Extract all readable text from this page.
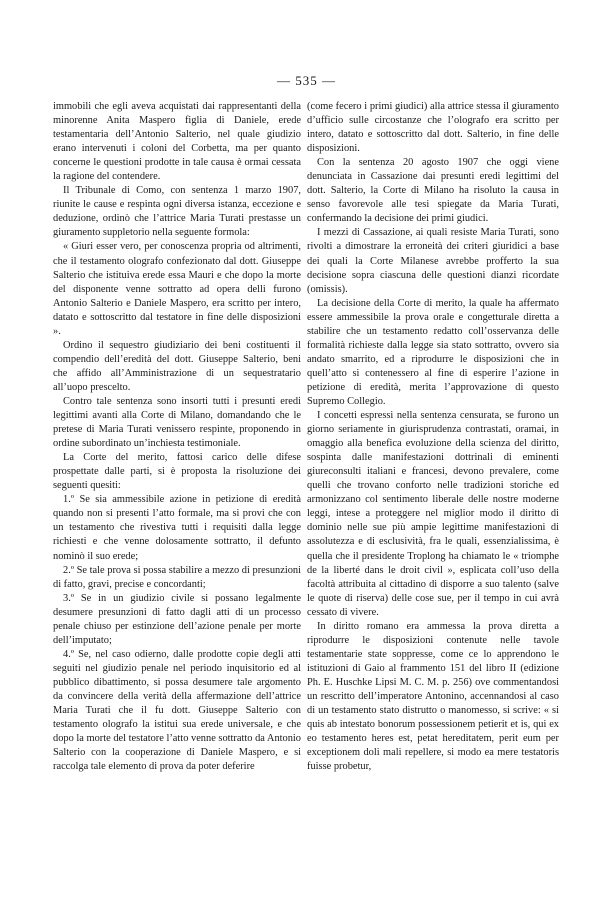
— 535 —

immobili che egli aveva acquistati dai rappresentanti della minorenne Anita Maspero figlia di Daniele, erede testamentaria dell’Antonio Salterio, nel quale giudizio erano intervenuti i coloni del Corbetta, ma per quanto concerne le questioni prodotte in tale causa è ormai cessata la ragione del contendere.

Il Tribunale di Como, con sentenza 1 marzo 1907, riunite le cause e respinta ogni diversa istanza, eccezione e deduzione, ordinò che l’attrice Maria Turati prestasse un giuramento suppletorio nella seguente formola:

« Giuri esser vero, per conoscenza propria od altrimenti, che il testamento olografo confezionato dal dott. Giuseppe Salterio che istituiva erede essa Mauri e che dopo la morte del disponente venne sottratto ad opera delli furono Antonio Salterio e Daniele Maspero, era scritto per intero, datato e sottoscritto dal testatore in fine delle disposizioni ».

Ordino il sequestro giudiziario dei beni costituenti il compendio dell’eredità del dott. Giuseppe Salterio, beni che affido all’Amministrazione di un sequestratario all’uopo prescelto.

Contro tale sentenza sono insorti tutti i presunti eredi legittimi avanti alla Corte di Milano, domandando che le pretese di Maria Turati venissero respinte, proponendo in ordine subordinato un’inchiesta testimoniale.

La Corte del merito, fattosi carico delle difese prospettate dalle parti, si è proposta la risoluzione dei seguenti quesiti:

1.º Se sia ammessibile azione in petizione di eredità quando non si presenti l’atto formale, ma si provi che con un testamento che rivestiva tutti i requisiti dalla legge richiesti e che venne dolosamente sottratto, il defunto nominò il suo erede;

2.º Se tale prova si possa stabilire a mezzo di presunzioni di fatto, gravi, precise e concordanti;

3.º Se in un giudizio civile si possano legalmente desumere presunzioni di fatto dagli atti di un processo penale chiuso per estinzione dell’azione penale per morte dell’imputato;

4.º Se, nel caso odierno, dalle prodotte copie degli atti seguiti nel giudizio penale nel periodo inquisitorio ed al pubblico dibattimento, si possa desumere tale argomento da convincere della verità della affermazione dell’attrice Maria Turati che il fu dott. Giuseppe Salterio con testamento olografo la istitui sua erede universale, e che dopo la morte del testatore l’atto venne sottratto da Antonio Salterio con la cooperazione di Daniele Maspero, e si raccolga tale elemento di prova da poter deferire

(come fecero i primi giudici) alla attrice stessa il giuramento d’ufficio sulle circostanze che l’olografo era scritto per intero, datato e sottoscritto dal dott. Salterio, in fine delle disposizioni.

Con la sentenza 20 agosto 1907 che oggi viene denunciata in Cassazione dai presunti eredi legittimi del dott. Salterio, la Corte di Milano ha risoluto la causa in senso favorevole alle tesi spiegate da Maria Turati, confermando la decisione dei primi giudici.

I mezzi di Cassazione, ai quali resiste Maria Turati, sono rivolti a dimostrare la erroneità dei criteri giuridici a base dei quali la Corte Milanese avrebbe profferto la sua decisione sopra ciascuna delle questioni dianzi ricordate (omissis).

La decisione della Corte di merito, la quale ha affermato essere ammessibile la prova orale e congetturale diretta a stabilire che un testamento redatto coll’osservanza delle formalità richieste dalla legge sia stato sottratto, ovvero sia andato smarrito, ed a riprodurre le disposizioni che in quell’atto si contenessero al fine di esperire l’azione in petizione di eredità, merita l’approvazione di questo Supremo Collegio.

I concetti espressi nella sentenza censurata, se furono un giorno seriamente in giurisprudenza contrastati, oramai, in omaggio alla benefica evoluzione della scienza del diritto, sospinta dalle manifestazioni dottrinali di eminenti giureconsulti italiani e francesi, devono prevalere, come quelli che trovano conforto nelle tradizioni storiche ed armonizzano col sentimento liberale delle nostre moderne leggi, intese a proteggere nel miglior modo il diritto di dominio nelle sue più ampie legittime manifestazioni di assolutezza e di esclusività, fra le quali, essenzialissima, è quella che il presidente Troplong ha chiamato le « triomphe de la liberté dans le droit civil », esplicata coll’uso della facoltà attribuita al cittadino di disporre a suo talento (salve le quote di riserva) delle cose sue, per il tempo in cui avrà cessato di vivere.

In diritto romano era ammessa la prova diretta a riprodurre le disposizioni contenute nelle tavole testamentarie state soppresse, come ce lo apprendono le istituzioni di Gaio al frammento 151 del libro II (edizione Ph. E. Huschke Lipsi M. C. M. p. 256) ove commentandosi un rescritto dell’imperatore Antonino, accennandosi al caso di un testamento stato distrutto o manomesso, si scrive: « si quis ab intestato bonorum possessionem petierit et is, qui ex eo testamento heres est, petat hereditatem, perit eum per exceptionem doli mali repellere, si modo ea mere testatoris fuisse probetur,
